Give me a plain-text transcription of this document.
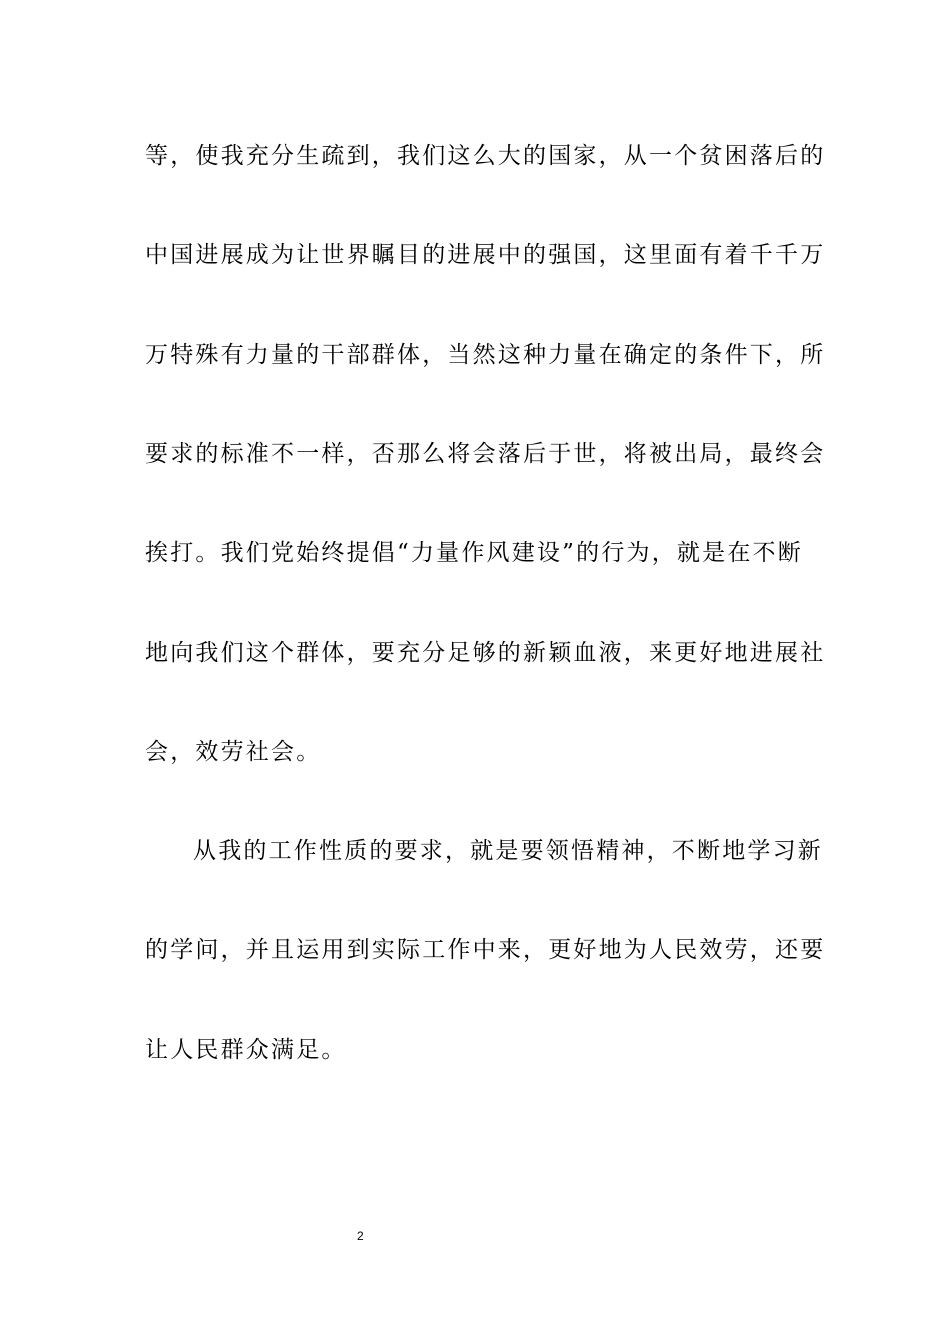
等，使我充分生疏到，我们这么大的国家，从一个贫困落后的
中国进展成为让世界瞩目的进展中的强国，这里面有着千千万
万特殊有力量的干部群体，当然这种力量在确定的条件下，所
要求的标准不一样，否那么将会落后于世，将被出局，最终会
挨打。我们党始终提倡“力量作风建设”的行为，就是在不断
地向我们这个群体，要充分足够的新颖血液，来更好地进展社
会，效劳社会。
从我的工作性质的要求，就是要领悟精神，不断地学习新
的学问，并且运用到实际工作中来，更好地为人民效劳，还要
让人民群众满足。
2
